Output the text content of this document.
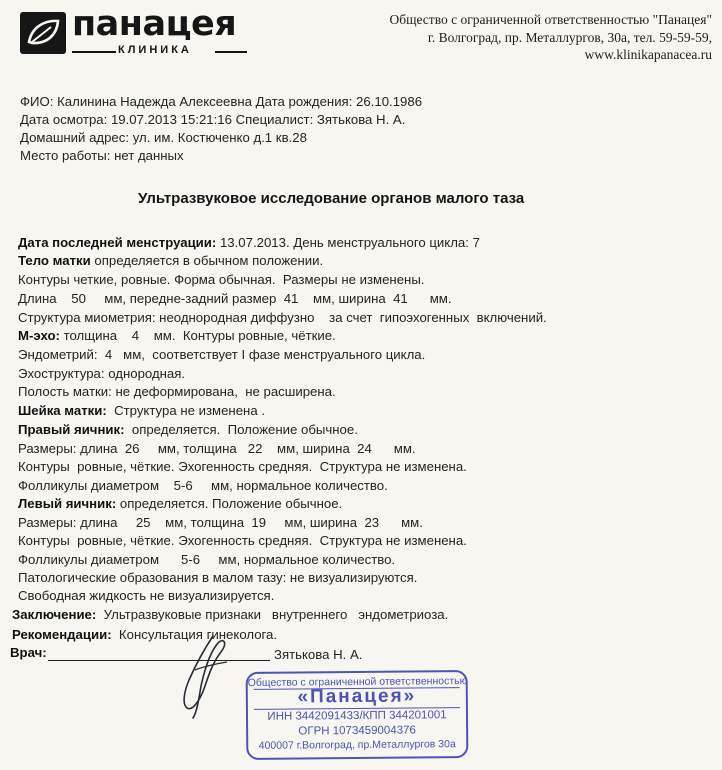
панацея
КЛИНИКА
Общество с ограниченной ответственностью "Панацея"
г. Волгоград, пр. Металлургов, 30а, тел. 59-59-59,
www.klinikapanacea.ru
ФИО: Калинина Надежда Алексеевна Дата рождения: 26.10.1986
Дата осмотра: 19.07.2013 15:21:16 Специалист: Зятькова Н. А.
Домашний адрес: ул. им. Костюченко д.1 кв.28
Место работы: нет данных
Ультразвуковое исследование органов малого таза
Дата последней менструации: 13.07.2013. День менструального цикла: 7
Тело матки определяется в обычном положении.
Контуры четкие, ровные. Форма обычная.  Размеры не изменены.
Длина 50 мм, передне-задний размер 41 мм, ширина 41 мм.
Структура миометрия: неоднородная диффузно    за счет  гипоэхогенных  включений.
М-эхо: толщина    4    мм.  Контуры ровные, чёткие.
Эндометрий:  4   мм,  соответствует I фазе менструального цикла.
Эхоструктура: однородная.
Полость матки: не деформирована,  не расширена.
Шейка матки: Структура не изменена .
Правый яичник: определяется.  Положение обычное.
Размеры: длина  26     мм, толщина   22    мм, ширина  24      мм.
Контуры  ровные, чёткие. Эхогенность средняя.  Структура не изменена.
Фолликулы диаметром    5-6     мм, нормальное количество.
Левый яичник: определяется. Положение обычное.
Размеры: длина     25    мм, толщина  19     мм, ширина  23      мм.
Контуры  ровные, чёткие. Эхогенность средняя.  Структура не изменена.
Фолликулы диаметром      5-6     мм, нормальное количество.
Патологические образования в малом тазу: не визуализируются.
Свободная жидкость не визуализируется.
Заключение: Ультразвуковые признаки   внутреннего   эндометриоза.
Рекомендации: Консультация гинеколога.
Врач:	Зятькова Н. А.
Общество с ограниченной ответственностью
«Панацея»
ИНН 3442091433/КПП 344201001
ОГРН 1073459004376
400007 г.Волгоград, пр.Металлургов 30а
